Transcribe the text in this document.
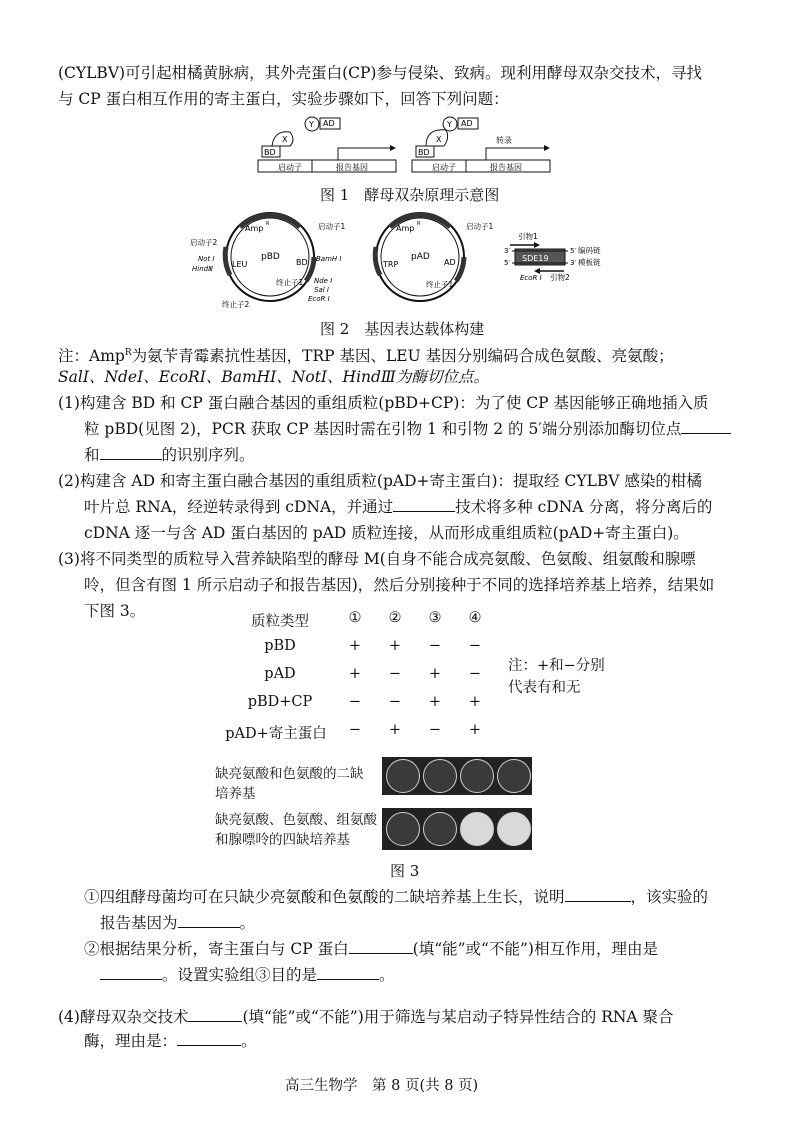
(CYLBV)可引起柑橘黄脉病，其外壳蛋白(CP)参与侵染、致病。现利用酵母双杂交技术，寻找
与 CP 蛋白相互作用的寄主蛋白，实验步骤如下，回答下列问题：
启动子	报告基因
BD
X
Y AD
启动子	报告基因
BD
X
Y AD
转录
图 1　酵母双杂原理示意图
Amp R
pBD
LEU	BD
启动子1
启动子2
Not Ⅰ
HindⅢ
BamH Ⅰ
Nde Ⅰ
Sal Ⅰ
EcoR Ⅰ
终止子1
终止子2
Amp R
pAD
TRP	AD
启动子1
终止子1
引物1
3′
5′ SDE19
5′ 编码链
3′ 模板链
EcoR Ⅰ 引物2
图 2　基因表达载体构建
注：Amp$^R$为氨苄青霉素抗性基因，TRP 基因、LEU 基因分别编码合成色氨酸、亮氨酸；
SalⅠ、NdeⅠ、EcoRⅠ、BamHⅠ、NotⅠ、HindⅢ为酶切位点。
(1)构建含 BD 和 CP 蛋白融合基因的重组质粒(pBD+CP)：为了使 CP 基因能够正确地插入质
粒 pBD(见图 2)，PCR 获取 CP 基因时需在引物 1 和引物 2 的 5′端分别添加酶切位点
和	的识别序列。
(2)构建含 AD 和寄主蛋白融合基因的重组质粒(pAD+寄主蛋白)：提取经 CYLBV 感染的柑橘
叶片总 RNA，经逆转录得到 cDNA，并通过	技术将多种 cDNA 分离，将分离后的
cDNA 逐一与含 AD 蛋白基因的 pAD 质粒连接，从而形成重组质粒(pAD+寄主蛋白)。
(3)将不同类型的质粒导入营养缺陷型的酵母 M(自身不能合成亮氨酸、色氨酸、组氨酸和腺嘌
呤，但含有图 1 所示启动子和报告基因)，然后分别接种于不同的选择培养基上培养，结果如
下图 3。
质粒类型	①	②	③	④
pBD	+	+	−	−
pAD	+	−	+	−
pBD+CP	−	−	+	+
pAD+寄主蛋白	−	+	−	+
注：+和−分别
代表有和无
缺亮氨酸和色氨酸的二缺
培养基
缺亮氨酸、色氨酸、组氨酸
和腺嘌呤的四缺培养基
图 3
①四组酵母菌均可在只缺少亮氨酸和色氨酸的二缺培养基上生长，说明	，该实验的
报告基因为	。
②根据结果分析，寄主蛋白与 CP 蛋白	(填“能”或“不能”)相互作用，理由是
。设置实验组③目的是	。
(4)酵母双杂交技术	(填“能”或“不能”)用于筛选与某启动子特异性结合的 RNA 聚合
酶，理由是：	。
高三生物学　第 8 页(共 8 页)
